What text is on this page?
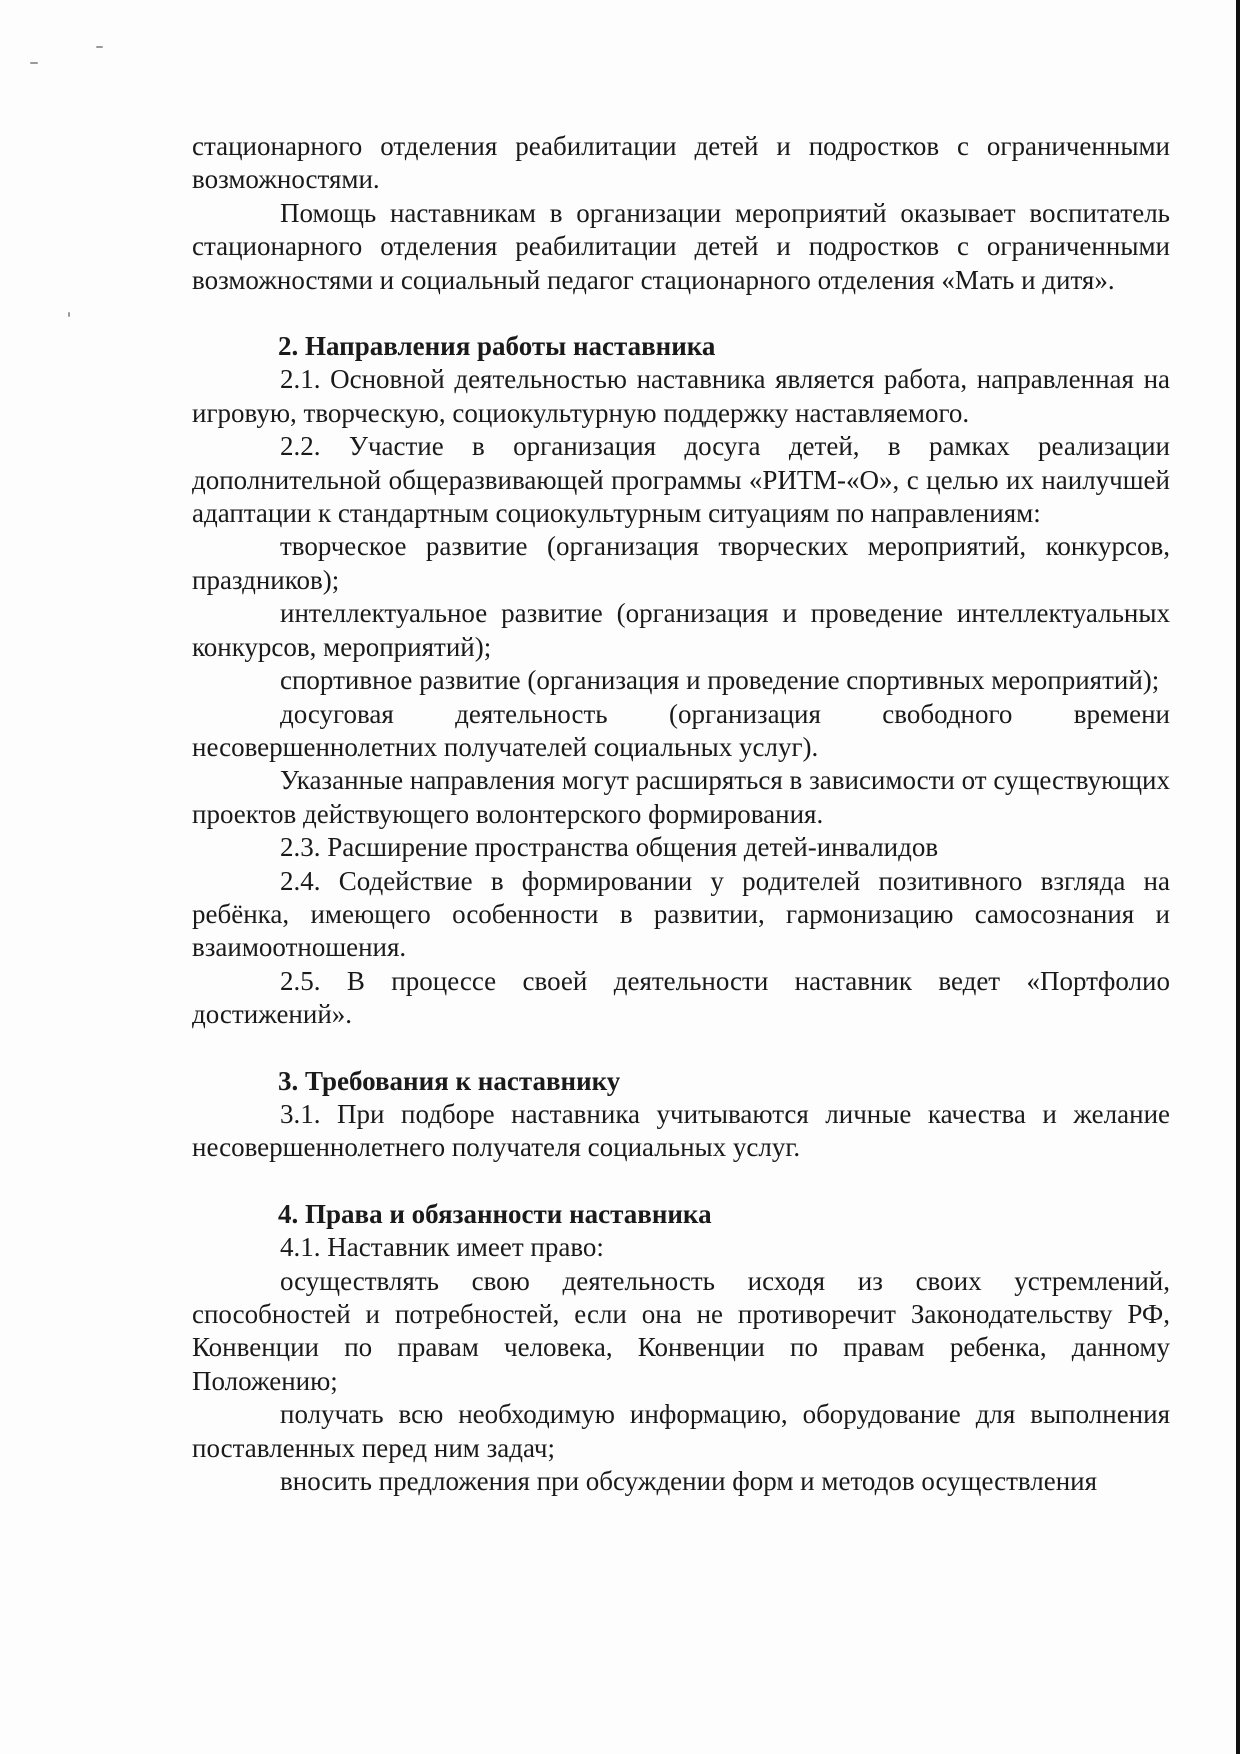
стационарного отделения реабилитации детей и подростков с ограниченными возможностями.

Помощь наставникам в организации мероприятий оказывает воспитатель стационарного отделения реабилитации детей и подростков с ограниченными возможностями и социальный педагог стационарного отделения «Мать и дитя».

2. Направления работы наставника

2.1. Основной деятельностью наставника является работа, направленная на игровую, творческую, социокультурную поддержку наставляемого.

2.2. Участие в организация досуга детей, в рамках реализации дополнительной общеразвивающей программы «РИТМ-«О», с целью их наилучшей адаптации к стандартным социокультурным ситуациям по направлениям:

творческое развитие (организация творческих мероприятий, конкурсов, праздников);

интеллектуальное развитие (организация и проведение интеллектуальных конкурсов, мероприятий);

спортивное развитие (организация и проведение спортивных мероприятий);

досуговая деятельность (организация свободного времени несовершеннолетних получателей социальных услуг).

Указанные направления могут расширяться в зависимости от существующих проектов действующего волонтерского формирования.

2.3. Расширение пространства общения детей-инвалидов

2.4. Содействие в формировании у родителей позитивного взгляда на ребёнка, имеющего особенности в развитии, гармонизацию самосознания и взаимоотношения.

2.5. В процессе своей деятельности наставник ведет «Портфолио достижений».

3. Требования к наставнику

3.1. При подборе наставника учитываются личные качества и желание несовершеннолетнего получателя социальных услуг.

4. Права и обязанности наставника

4.1. Наставник имеет право:

осуществлять свою деятельность исходя из своих устремлений, способностей и потребностей, если она не противоречит Законодательству РФ, Конвенции по правам человека, Конвенции по правам ребенка, данному Положению;

получать всю необходимую информацию, оборудование для выполнения поставленных перед ним задач;

вносить предложения при обсуждении форм и методов осуществления
